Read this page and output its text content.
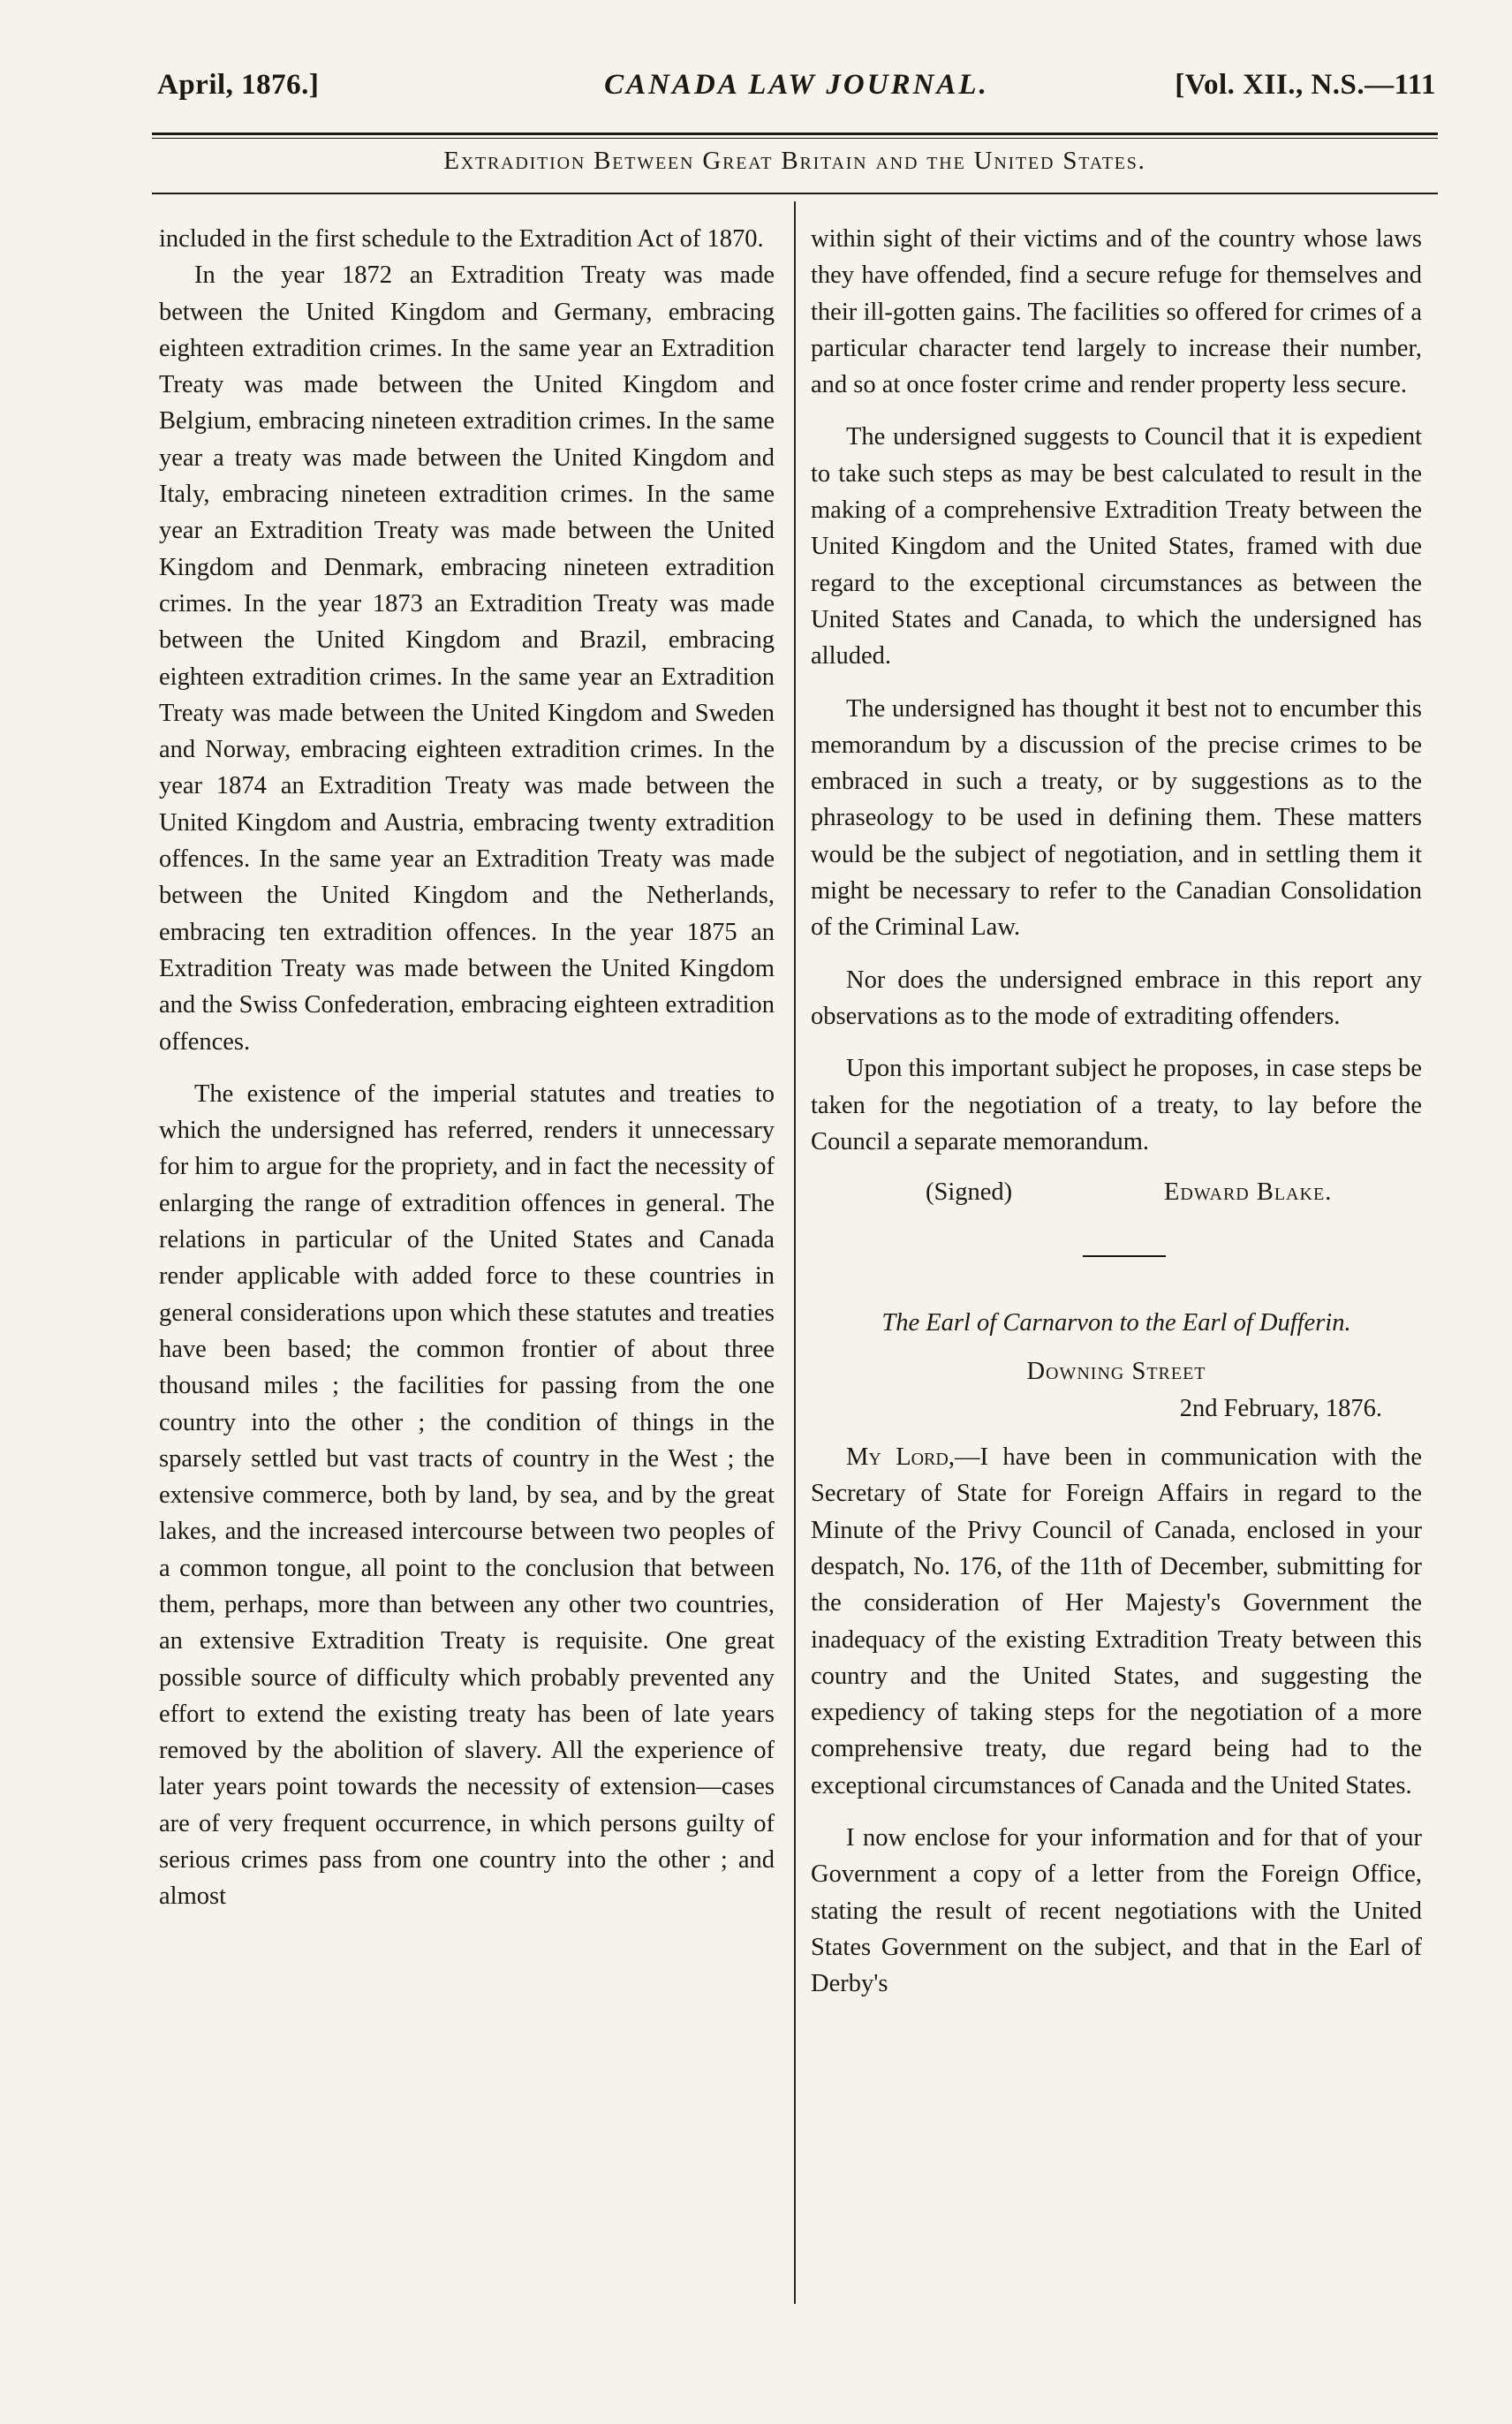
April, 1876.]	CANADA LAW JOURNAL.	[Vol. XII., N.S.—111
Extradition Between Great Britain and the United States.

included in the first schedule to the Extradition Act of 1870.

In the year 1872 an Extradition Treaty was made between the United Kingdom and Germany, embracing eighteen extradition crimes. In the same year an Extradition Treaty was made between the United Kingdom and Belgium, embracing nineteen extradition crimes. In the same year a treaty was made between the United Kingdom and Italy, embracing nineteen extradition crimes. In the same year an Extradition Treaty was made between the United Kingdom and Denmark, embracing nineteen extradition crimes. In the year 1873 an Extradition Treaty was made between the United Kingdom and Brazil, embracing eighteen extradition crimes. In the same year an Extradition Treaty was made between the United Kingdom and Sweden and Norway, embracing eighteen extradition crimes. In the year 1874 an Extradition Treaty was made between the United Kingdom and Austria, embracing twenty extradition offences. In the same year an Extradition Treaty was made between the United Kingdom and the Netherlands, embracing ten extradition offences. In the year 1875 an Extradition Treaty was made between the United Kingdom and the Swiss Confederation, embracing eighteen extradition offences.

The existence of the imperial statutes and treaties to which the undersigned has referred, renders it unnecessary for him to argue for the propriety, and in fact the necessity of enlarging the range of extradition offences in general. The relations in particular of the United States and Canada render applicable with added force to these countries in general considerations upon which these statutes and treaties have been based; the common frontier of about three thousand miles ; the facilities for passing from the one country into the other ; the condition of things in the sparsely settled but vast tracts of country in the West ; the extensive commerce, both by land, by sea, and by the great lakes, and the increased intercourse between two peoples of a common tongue, all point to the conclusion that between them, perhaps, more than between any other two countries, an extensive Extradition Treaty is requisite. One great possible source of difficulty which probably prevented any effort to extend the existing treaty has been of late years removed by the abolition of slavery. All the experience of later years point towards the necessity of extension—cases are of very frequent occurrence, in which persons guilty of serious crimes pass from one country into the other ; and almost

within sight of their victims and of the country whose laws they have offended, find a secure refuge for themselves and their ill-gotten gains. The facilities so offered for crimes of a particular character tend largely to increase their number, and so at once foster crime and render property less secure.

The undersigned suggests to Council that it is expedient to take such steps as may be best calculated to result in the making of a comprehensive Extradition Treaty between the United Kingdom and the United States, framed with due regard to the exceptional circumstances as between the United States and Canada, to which the undersigned has alluded.

The undersigned has thought it best not to encumber this memorandum by a discussion of the precise crimes to be embraced in such a treaty, or by suggestions as to the phraseology to be used in defining them. These matters would be the subject of negotiation, and in settling them it might be necessary to refer to the Canadian Consolidation of the Criminal Law.

Nor does the undersigned embrace in this report any observations as to the mode of extraditing offenders.

Upon this important subject he proposes, in case steps be taken for the negotiation of a treaty, to lay before the Council a separate memorandum.

(Signed)	Edward Blake.
The Earl of Carnarvon to the Earl of Dufferin.
Downing Street
2nd February, 1876.

My Lord,—I have been in communication with the Secretary of State for Foreign Affairs in regard to the Minute of the Privy Council of Canada, enclosed in your despatch, No. 176, of the 11th of December, submitting for the consideration of Her Majesty's Government the inadequacy of the existing Extradition Treaty between this country and the United States, and suggesting the expediency of taking steps for the negotiation of a more comprehensive treaty, due regard being had to the exceptional circumstances of Canada and the United States.

I now enclose for your information and for that of your Government a copy of a letter from the Foreign Office, stating the result of recent negotiations with the United States Government on the subject, and that in the Earl of Derby's
